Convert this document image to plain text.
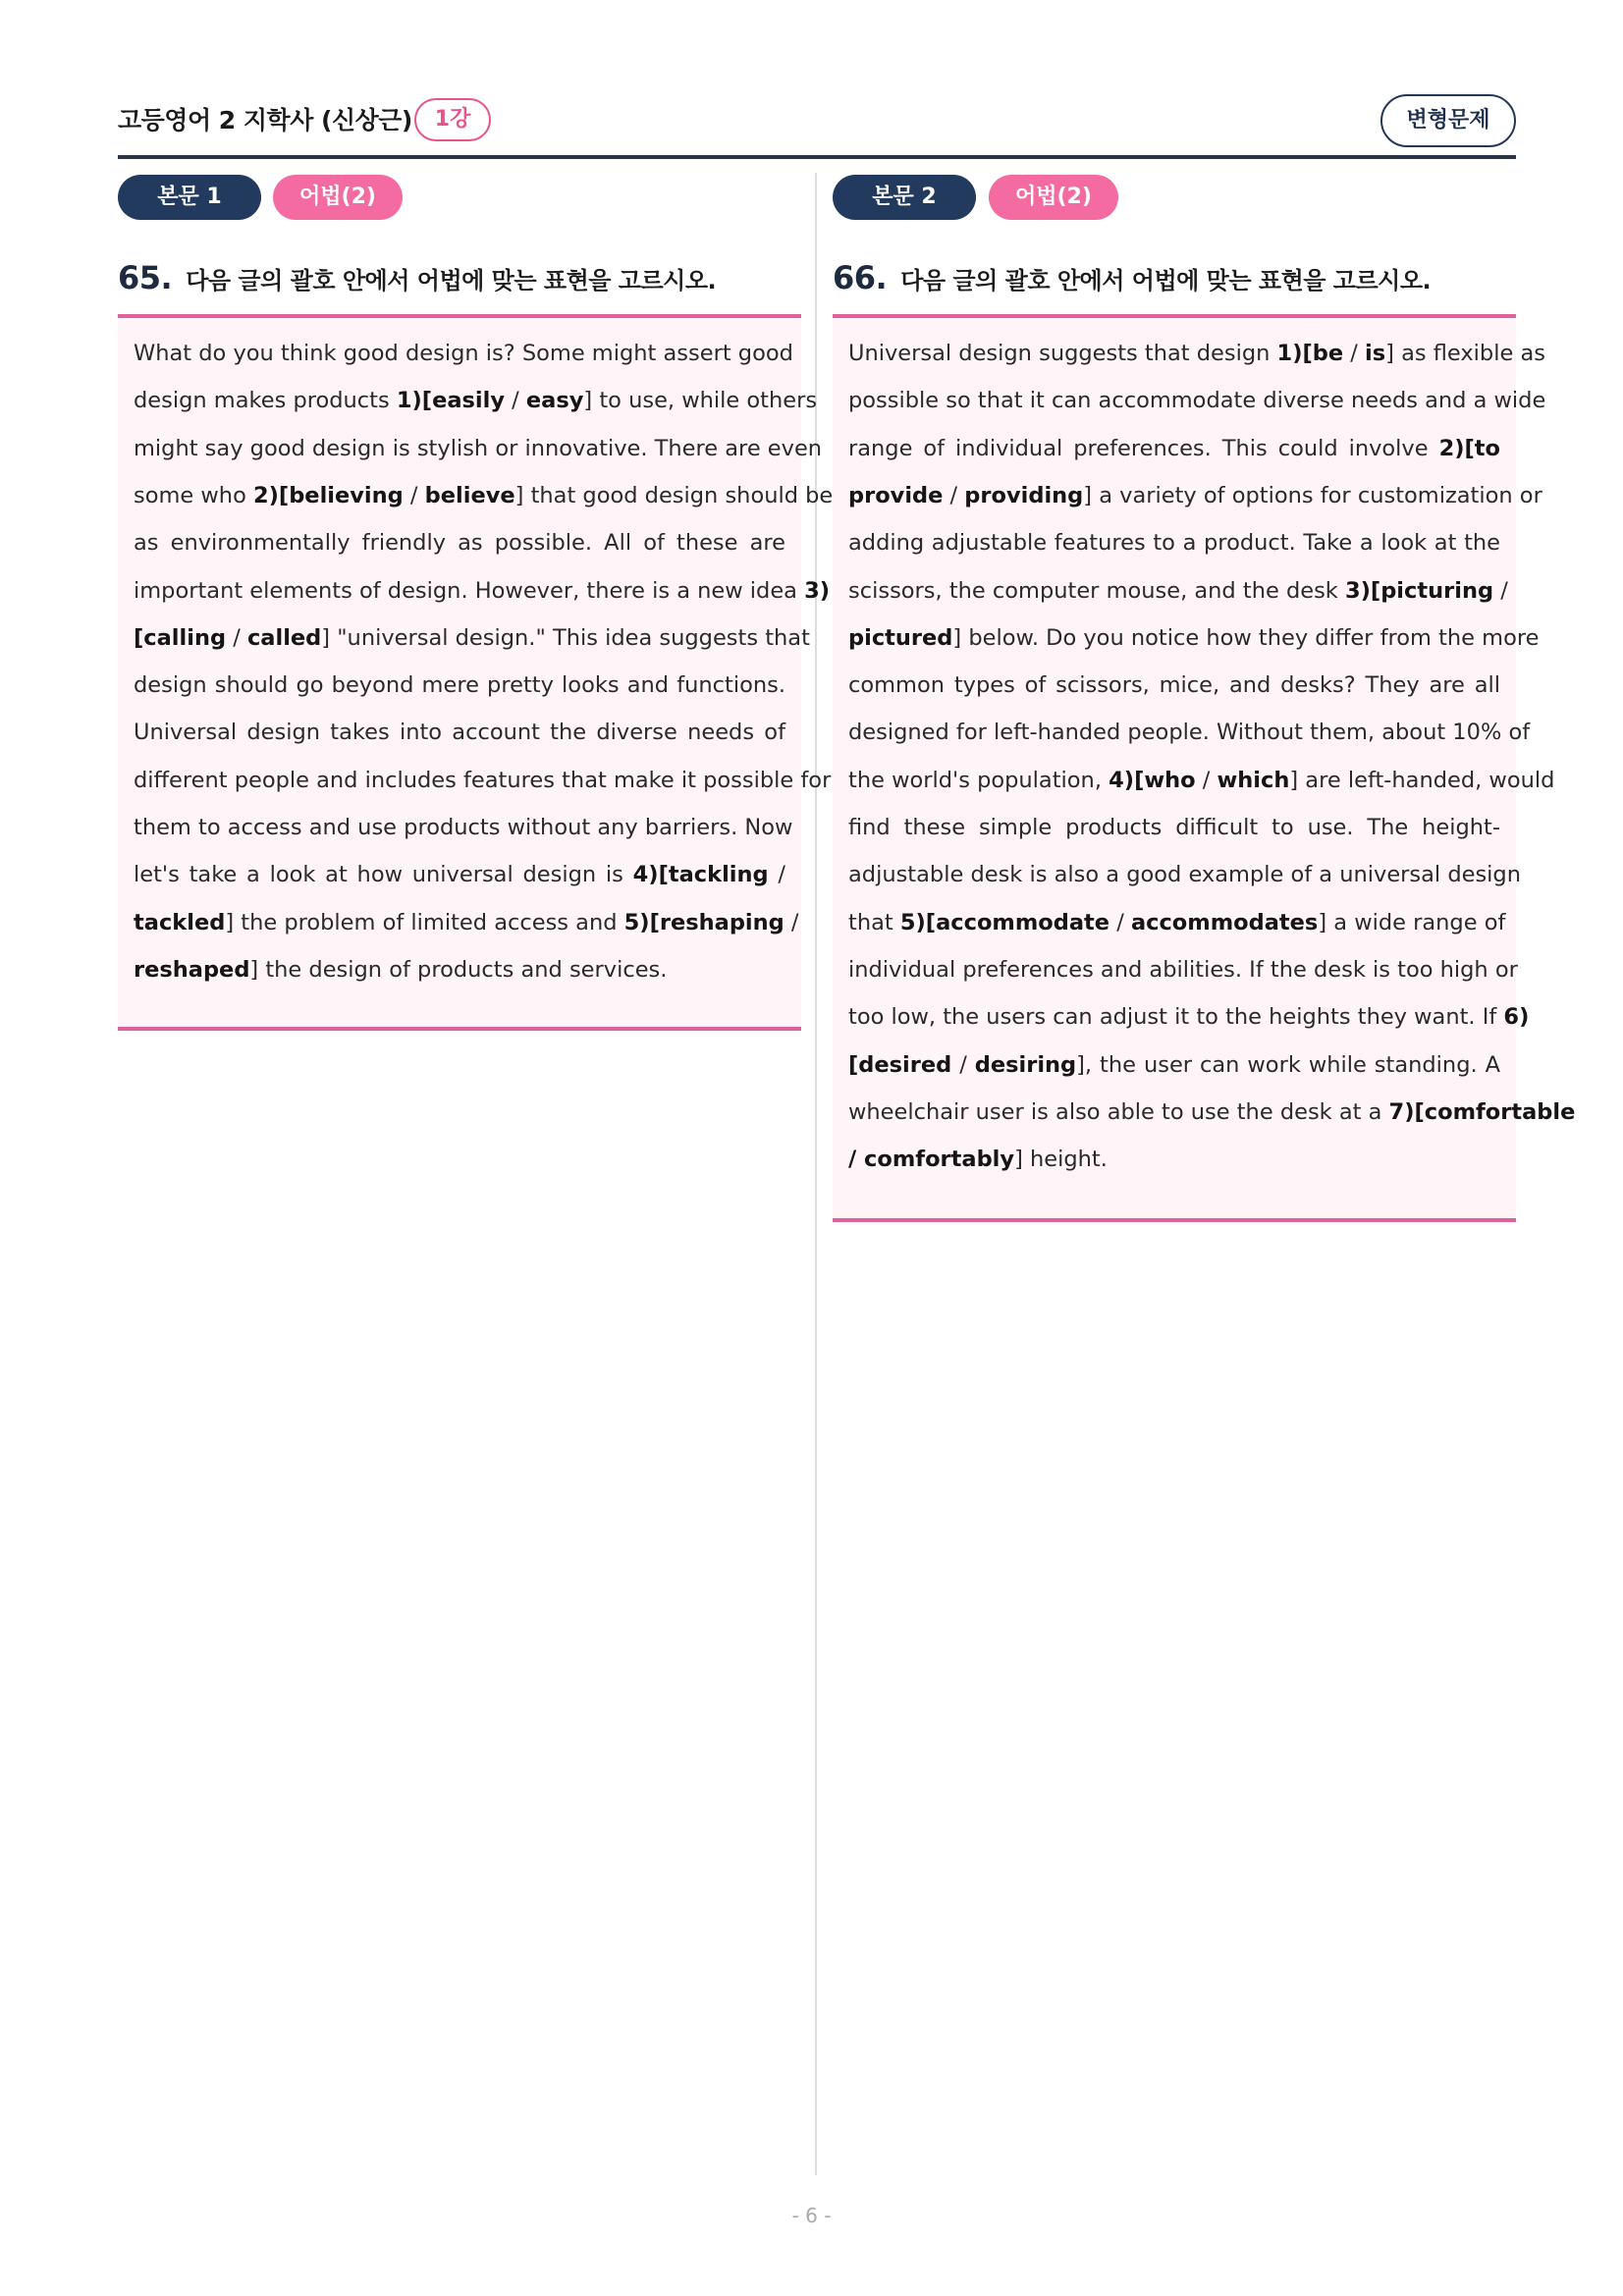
고등영어 2 지학사 (신상근)	1강	변형문제
본문 1	어법(2)
65. 다음 글의 괄호 안에서 어법에 맞는 표현을 고르시오.
What do you think good design is? Some might assert good
design makes products 1)[easily / easy] to use, while others
might say good design is stylish or innovative. There are even
some who 2)[believing / believe] that good design should be
as environmentally friendly as possible. All of these are
important elements of design. However, there is a new idea 3)
[calling / called] "universal design." This idea suggests that
design should go beyond mere pretty looks and functions.
Universal design takes into account the diverse needs of
different people and includes features that make it possible for
them to access and use products without any barriers. Now
let's take a look at how universal design is 4)[tackling /
tackled] the problem of limited access and 5)[reshaping /
reshaped] the design of products and services.
본문 2	어법(2)
66. 다음 글의 괄호 안에서 어법에 맞는 표현을 고르시오.
Universal design suggests that design 1)[be / is] as flexible as
possible so that it can accommodate diverse needs and a wide
range of individual preferences. This could involve 2)[to
provide / providing] a variety of options for customization or
adding adjustable features to a product. Take a look at the
scissors, the computer mouse, and the desk 3)[picturing /
pictured] below. Do you notice how they differ from the more
common types of scissors, mice, and desks? They are all
designed for left-handed people. Without them, about 10% of
the world's population, 4)[who / which] are left-handed, would
find these simple products difficult to use. The height-
adjustable desk is also a good example of a universal design
that 5)[accommodate / accommodates] a wide range of
individual preferences and abilities. If the desk is too high or
too low, the users can adjust it to the heights they want. If 6)
[desired / desiring], the user can work while standing. A
wheelchair user is also able to use the desk at a 7)[comfortable
/ comfortably] height.
- 6 -
